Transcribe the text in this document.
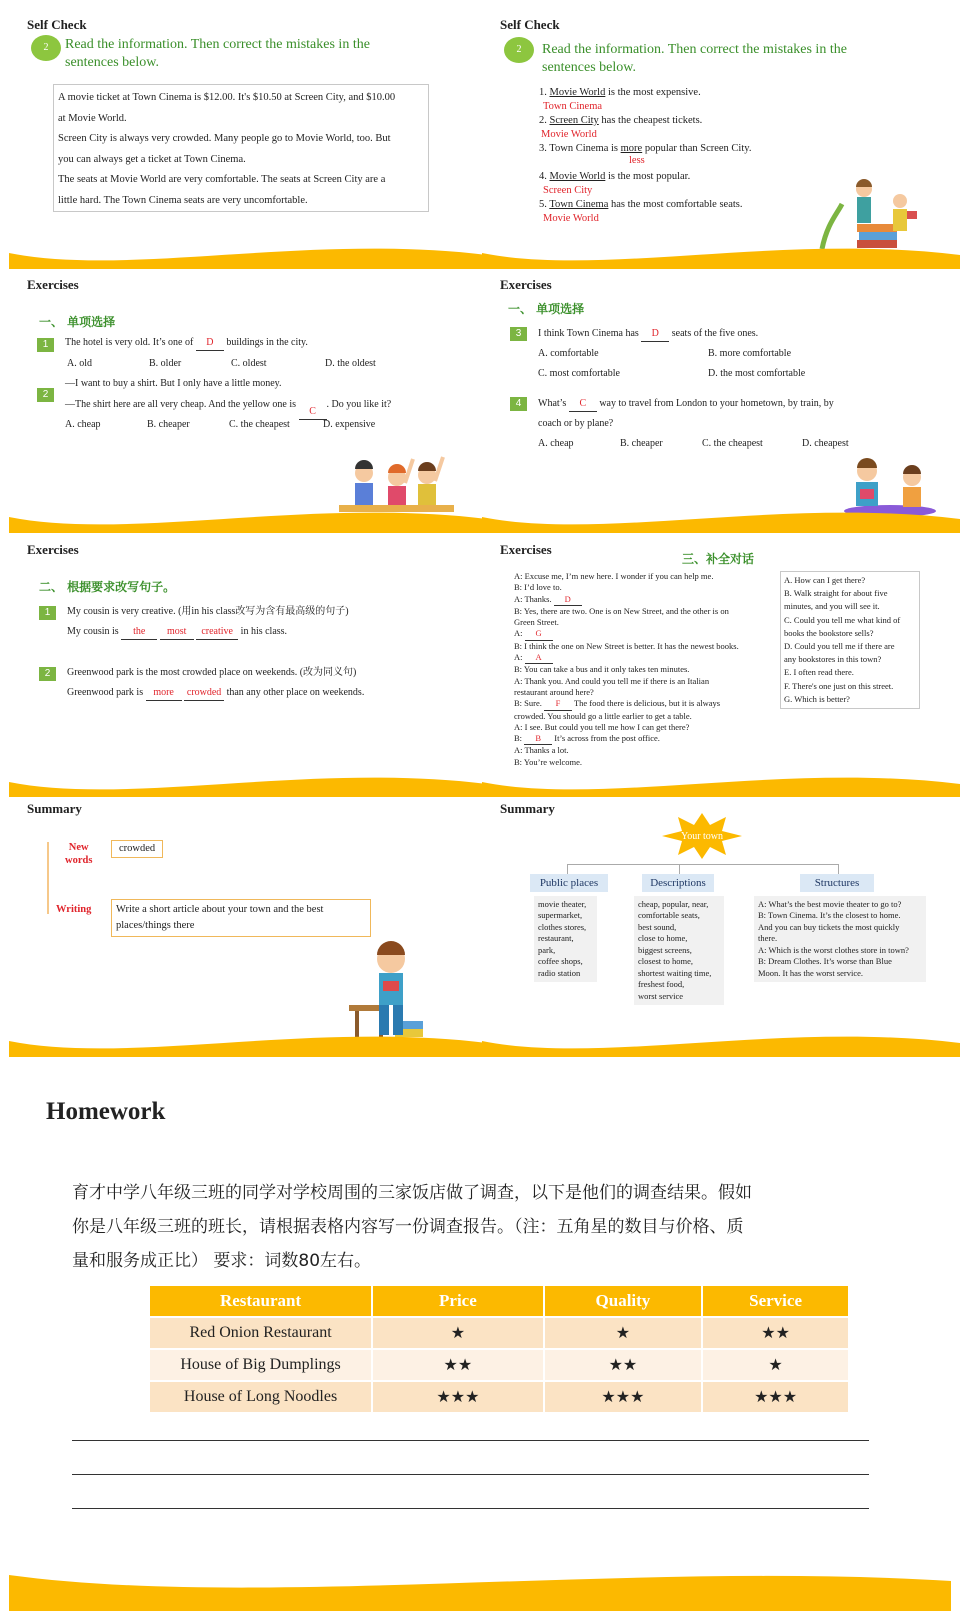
Self Check
2	Read the information. Then correct the mistakes in the
sentences below.
A movie ticket at Town Cinema is $12.00. It's $10.50 at Screen City, and $10.00
at Movie World.
Screen City is always very crowded. Many people go to Movie World, too. But
you can always get a ticket at Town Cinema.
The seats at Movie World are very comfortable. The seats at Screen City are a
little hard. The Town Cinema seats are very uncomfortable.
Self Check
2	Read the information. Then correct the mistakes in the
sentences below.
1. Movie World is the most expensive.
Town Cinema
2. Screen City has the cheapest tickets.
Movie World
3. Town Cinema is more popular than Screen City.
less
4. Movie World is the most popular.
Screen City
5. Town Cinema has the most comfortable seats.
Movie World
Exercises
一、 单项选择
1	The hotel is very old. It’s one of D buildings in the city.
A. old	B. older	C. oldest	D. the oldest
—I want to buy a shirt. But I only have a little money.
2
—The shirt here are all very cheap. And the yellow one is C. Do you like it?
A. cheap	B. cheaper	C. the cheapest	D. expensive
Exercises
一、 单项选择
3	I think Town Cinema has D seats of the five ones.
A. comfortable	B. more comfortable
C. most comfortable	D. the most comfortable
4	What’s C way to travel from London to your hometown, by train, by
coach or by plane?
A. cheap	B. cheaper	C. the cheapest	D. cheapest
Exercises
二、 根据要求改写句子。
1	My cousin is very creative. (用in his class改写为含有最高级的句子)
My cousin is the most creative in his class.
2	Greenwood park is the most crowded place on weekends. (改为同义句)
Greenwood park is more crowded than any other place on weekends.
Exercises
三、补全对话
A: Excuse me, I’m new here. I wonder if you can help me.
B: I’d love to.
A: Thanks. D
B: Yes, there are two. One is on New Street, and the other is on
Green Street.
A: G
B: I think the one on New Street is better. It has the newest books.
A: A
B: You can take a bus and it only takes ten minutes.
A: Thank you. And could you tell me if there is an Italian
restaurant around here?
B: Sure. F The food there is delicious, but it is always
crowded. You should go a little earlier to get a table.
A: I see. But could you tell me how I can get there?
B: B It’s across from the post office.
A: Thanks a lot.
B: You’re welcome.
A. How can I get there?
B. Walk straight for about five
minutes, and you will see it.
C. Could you tell me what kind of
books the bookstore sells?
D. Could you tell me if there are
any bookstores in this town?
E. I often read there.
F. There's one just on this street.
G. Which is better?
Summary
New
words
crowded
Writing Write a short article about your town and the best
places/things there
Summary
Your town
Public places	Descriptions	Structures
movie theater,
supermarket,
clothes stores,
restaurant,
park,
coffee shops,
radio station
cheap, popular, near,
comfortable seats,
best sound,
close to home,
biggest screens,
closest to home,
shortest waiting time,
freshest food,
worst service
A: What’s the best movie theater to go to?
B: Town Cinema. It’s the closest to home.
And you can buy tickets the most quickly
there.
A: Which is the worst clothes store in town?
B: Dream Clothes. It’s worse than Blue
Moon. It has the worst service.
Homework
育才中学八年级三班的同学对学校周围的三家饭店做了调查，以下是他们的调查结果。假如
你是八年级三班的班长，请根据表格内容写一份调查报告。（注：五角星的数目与价格、质
量和服务成正比） 要求：词数80左右。
Restaurant	Price	Quality	Service
Red Onion Restaurant	★	★	★★
House of Big Dumplings	★★	★★	★
House of Long Noodles	★★★	★★★	★★★
